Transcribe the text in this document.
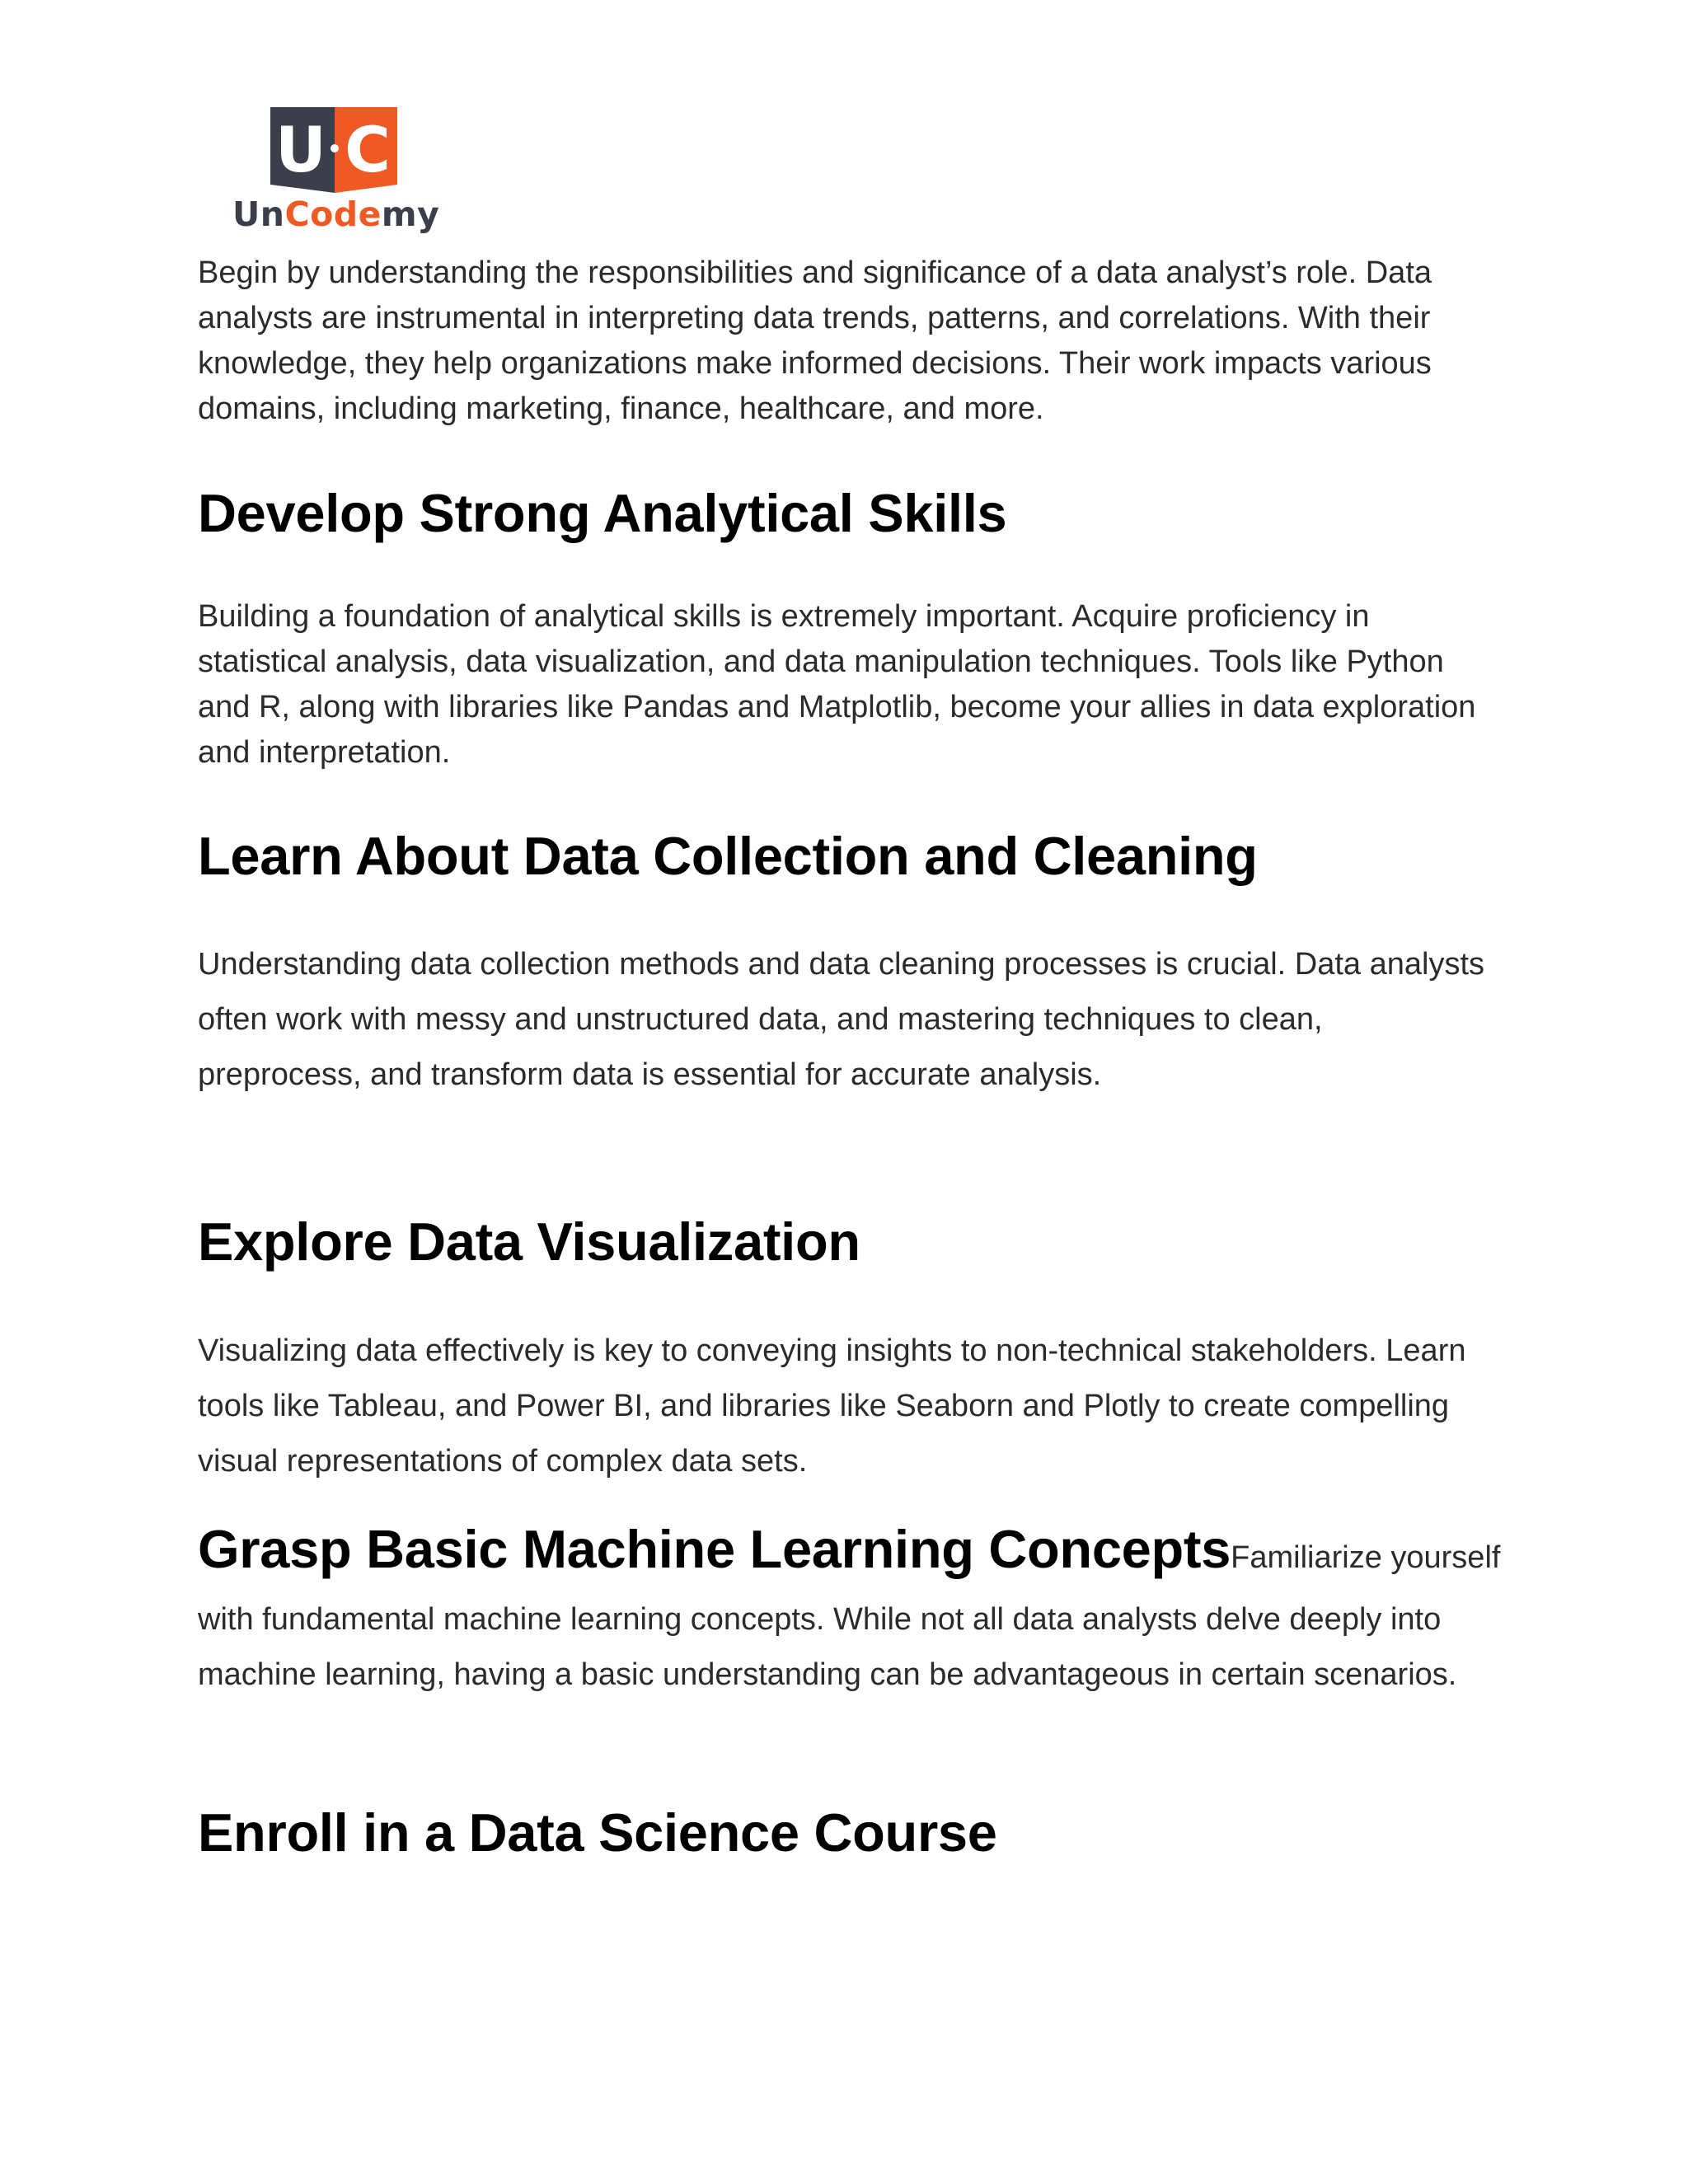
U C
UnCodemy

Begin by understanding the responsibilities and significance of a data analyst’s role. Data analysts are instrumental in interpreting data trends, patterns, and correlations. With their knowledge, they help organizations make informed decisions. Their work impacts various domains, including marketing, finance, healthcare, and more.

Develop Strong Analytical Skills

Building a foundation of analytical skills is extremely important. Acquire proficiency in statistical analysis, data visualization, and data manipulation techniques. Tools like Python and R, along with libraries like Pandas and Matplotlib, become your allies in data exploration and interpretation.

Learn About Data Collection and Cleaning

Understanding data collection methods and data cleaning processes is crucial. Data analysts often work with messy and unstructured data, and mastering techniques to clean, preprocess, and transform data is essential for accurate analysis.

Explore Data Visualization

Visualizing data effectively is key to conveying insights to non-technical stakeholders. Learn tools like Tableau, and Power BI, and libraries like Seaborn and Plotly to create compelling visual representations of complex data sets.

Grasp Basic Machine Learning ConceptsFamiliarize yourself
with fundamental machine learning concepts. While not all data analysts delve deeply into machine learning, having a basic understanding can be advantageous in certain scenarios.
Enroll in a Data Science Course
